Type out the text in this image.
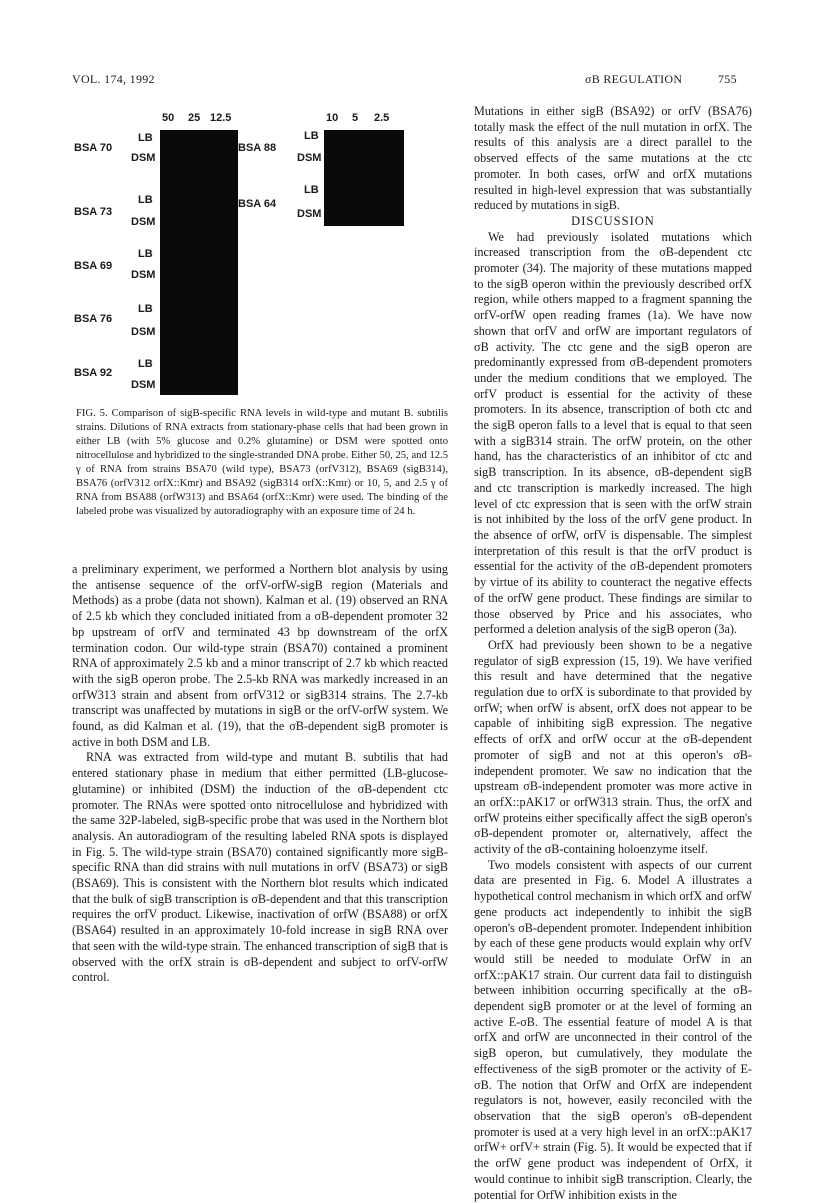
VOL. 174, 1992	σB REGULATION	755
50 25 12.5
BSA 70
LB
DSM
BSA 73
LB
DSM
BSA 69
LB
DSM
BSA 76
LB
DSM
BSA 92
LB
DSM
10 5 2.5
BSA 88
LB
DSM
BSA 64
LB
DSM
FIG. 5. Comparison of sigB-specific RNA levels in wild-type and mutant B. subtilis strains. Dilutions of RNA extracts from stationary-phase cells that had been grown in either LB (with 5% glucose and 0.2% glutamine) or DSM were spotted onto nitrocellulose and hybridized to the single-stranded DNA probe. Either 50, 25, and 12.5 γ of RNA from strains BSA70 (wild type), BSA73 (orfV312), BSA69 (sigB314), BSA76 (orfV312 orfX::Kmr) and BSA92 (sigB314 orfX::Kmr) or 10, 5, and 2.5 γ of RNA from BSA88 (orfW313) and BSA64 (orfX::Kmr) were used. The binding of the labeled probe was visualized by autoradiography with an exposure time of 24 h.

a preliminary experiment, we performed a Northern blot analysis by using the antisense sequence of the orfV-orfW-sigB region (Materials and Methods) as a probe (data not shown). Kalman et al. (19) observed an RNA of 2.5 kb which they concluded initiated from a σB-dependent promoter 32 bp upstream of orfV and terminated 43 bp downstream of the orfX termination codon. Our wild-type strain (BSA70) contained a prominent RNA of approximately 2.5 kb and a minor transcript of 2.7 kb which reacted with the sigB operon probe. The 2.5-kb RNA was markedly increased in an orfW313 strain and absent from orfV312 or sigB314 strains. The 2.7-kb transcript was unaffected by mutations in sigB or the orfV-orfW system. We found, as did Kalman et al. (19), that the σB-dependent sigB promoter is active in both DSM and LB.

RNA was extracted from wild-type and mutant B. subtilis that had entered stationary phase in medium that either permitted (LB-glucose-glutamine) or inhibited (DSM) the induction of the σB-dependent ctc promoter. The RNAs were spotted onto nitrocellulose and hybridized with the same 32P-labeled, sigB-specific probe that was used in the Northern blot analysis. An autoradiogram of the resulting labeled RNA spots is displayed in Fig. 5. The wild-type strain (BSA70) contained significantly more sigB-specific RNA than did strains with null mutations in orfV (BSA73) or sigB (BSA69). This is consistent with the Northern blot results which indicated that the bulk of sigB transcription is σB-dependent and that this transcription requires the orfV product. Likewise, inactivation of orfW (BSA88) or orfX (BSA64) resulted in an approximately 10-fold increase in sigB RNA over that seen with the wild-type strain. The enhanced transcription of sigB that is observed with the orfX strain is σB-dependent and subject to orfV-orfW control.

Mutations in either sigB (BSA92) or orfV (BSA76) totally mask the effect of the null mutation in orfX. The results of this analysis are a direct parallel to the observed effects of the same mutations at the ctc promoter. In both cases, orfW and orfX mutations resulted in high-level expression that was substantially reduced by mutations in sigB.

DISCUSSION

We had previously isolated mutations which increased transcription from the σB-dependent ctc promoter (34). The majority of these mutations mapped to the sigB operon within the previously described orfX region, while others mapped to a fragment spanning the orfV-orfW open reading frames (1a). We have now shown that orfV and orfW are important regulators of σB activity. The ctc gene and the sigB operon are predominantly expressed from σB-dependent promoters under the medium conditions that we employed. The orfV product is essential for the activity of these promoters. In its absence, transcription of both ctc and the sigB operon falls to a level that is equal to that seen with a sigB314 strain. The orfW protein, on the other hand, has the characteristics of an inhibitor of ctc and sigB transcription. In its absence, σB-dependent sigB and ctc transcription is markedly increased. The high level of ctc expression that is seen with the orfW strain is not inhibited by the loss of the orfV gene product. In the absence of orfW, orfV is dispensable. The simplest interpretation of this result is that the orfV product is essential for the activity of the σB-dependent promoters by virtue of its ability to counteract the negative effects of the orfW gene product. These findings are similar to those observed by Price and his associates, who performed a deletion analysis of the sigB operon (3a).

OrfX had previously been shown to be a negative regulator of sigB expression (15, 19). We have verified this result and have determined that the negative regulation due to orfX is subordinate to that provided by orfW; when orfW is absent, orfX does not appear to be capable of inhibiting sigB expression. The negative effects of orfX and orfW occur at the σB-dependent promoter of sigB and not at this operon's σB-independent promoter. We saw no indication that the upstream σB-independent promoter was more active in an orfX::pAK17 or orfW313 strain. Thus, the orfX and orfW proteins either specifically affect the sigB operon's σB-dependent promoter or, alternatively, affect the activity of the σB-containing holoenzyme itself.

Two models consistent with aspects of our current data are presented in Fig. 6. Model A illustrates a hypothetical control mechanism in which orfX and orfW gene products act independently to inhibit the sigB operon's σB-dependent promoter. Independent inhibition by each of these gene products would explain why orfV would still be needed to modulate OrfW in an orfX::pAK17 strain. Our current data fail to distinguish between inhibition occurring specifically at the σB-dependent sigB promoter or at the level of forming an active E-σB. The essential feature of model A is that orfX and orfW are unconnected in their control of the sigB operon, but cumulatively, they modulate the effectiveness of the sigB promoter or the activity of E-σB. The notion that OrfW and OrfX are independent regulators is not, however, easily reconciled with the observation that the sigB operon's σB-dependent promoter is used at a very high level in an orfX::pAK17 orfW+ orfV+ strain (Fig. 5). It would be expected that if the orfW gene product was independent of OrfX, it would continue to inhibit sigB transcription. Clearly, the potential for OrfW inhibition exists in the
